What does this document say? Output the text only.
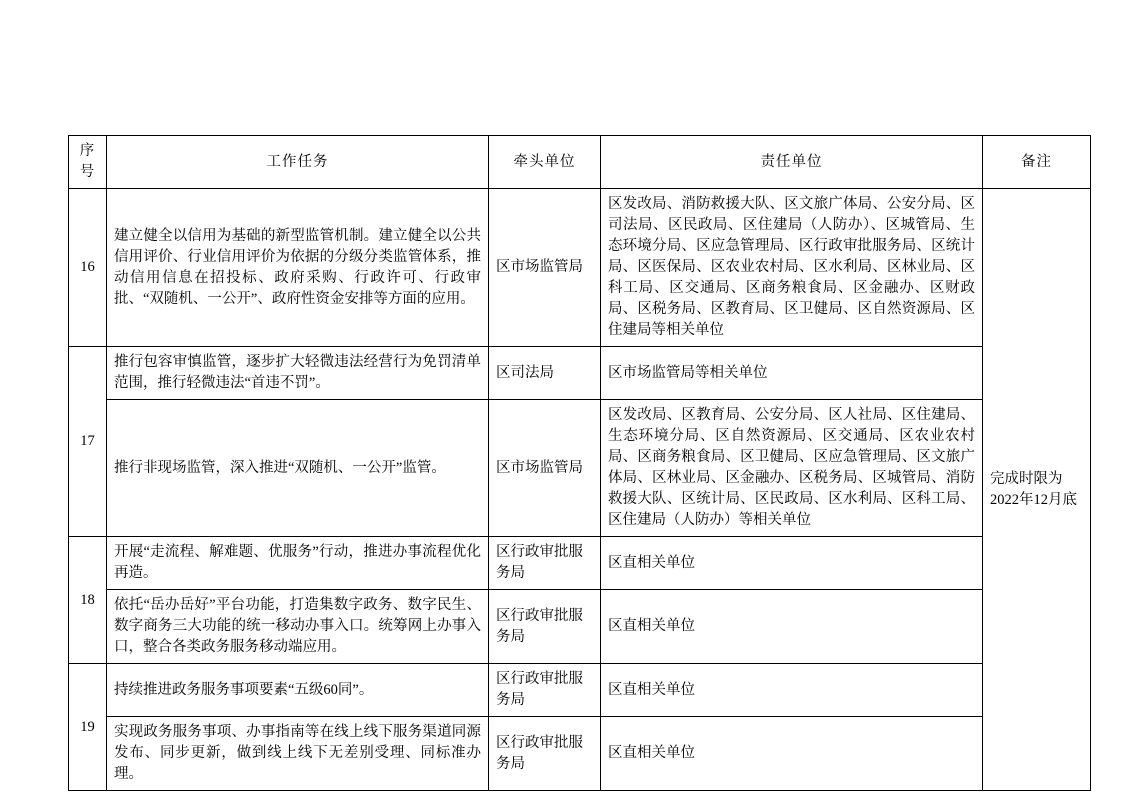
序
号	工作任务	牵头单位	责任单位	备注
16	建立健全以信用为基础的新型监管机制。建立健全以公共信用评价、行业信用评价为依据的分级分类监管体系，推动信用信息在招投标、政府采购、行政许可、行政审批、“双随机、一公开”、政府性资金安排等方面的应用。	区市场监管局	区发改局、消防救援大队、区文旅广体局、公安分局、区司法局、区民政局、区住建局（人防办）、区城管局、生态环境分局、区应急管理局、区行政审批服务局、区统计局、区医保局、区农业农村局、区水利局、区林业局、区科工局、区交通局、区商务粮食局、区金融办、区财政局、区税务局、区教育局、区卫健局、区自然资源局、区住建局等相关单位	完成时限为2022年12月底
17	推行包容审慎监管，逐步扩大轻微违法经营行为免罚清单范围，推行轻微违法“首违不罚”。	区司法局	区市场监管局等相关单位	
	推行非现场监管，深入推进“双随机、一公开”监管。	区市场监管局	区发改局、区教育局、公安分局、区人社局、区住建局、生态环境分局、区自然资源局、区交通局、区农业农村局、区商务粮食局、区卫健局、区应急管理局、区文旅广体局、区林业局、区金融办、区税务局、区城管局、消防救援大队、区统计局、区民政局、区水利局、区科工局、区住建局（人防办）等相关单位	
18	开展“走流程、解难题、优服务”行动，推进办事流程优化再造。	区行政审批服务局	区直相关单位	
	依托“岳办岳好”平台功能，打造集数字政务、数字民生、数字商务三大功能的统一移动办事入口。统筹网上办事入口，整合各类政务服务移动端应用。	区行政审批服务局	区直相关单位	
19	持续推进政务服务事项要素“五级60同”。	区行政审批服务局	区直相关单位	
	实现政务服务事项、办事指南等在线上线下服务渠道同源发布、同步更新，做到线上线下无差别受理、同标准办理。	区行政审批服务局	区直相关单位	
